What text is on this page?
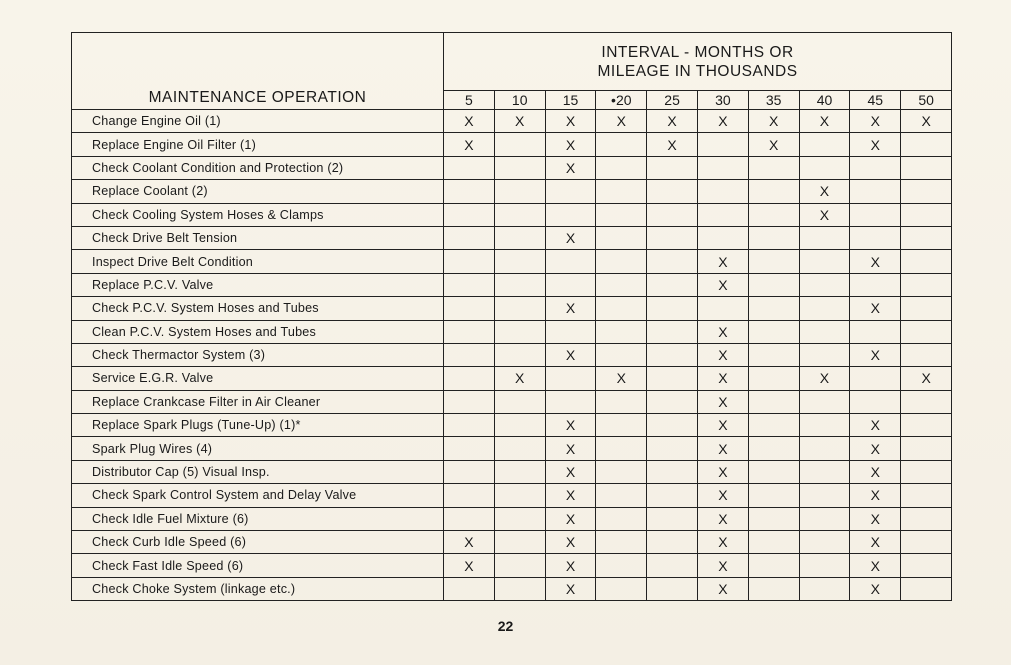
MAINTENANCE OPERATION	INTERVAL - MONTHS OR
MILEAGE IN THOUSANDS									

	5	10	15	•20	25	30	35	40	45	50
Change Engine Oil (1)	X	X	X	X	X	X	X	X	X	X
Replace Engine Oil Filter (1)	X		X		X		X		X	
Check Coolant Condition and Protection (2)			X							
Replace Coolant (2)								X		
Check Cooling System Hoses & Clamps								X		
Check Drive Belt Tension			X							
Inspect Drive Belt Condition						X			X	
Replace P.C.V. Valve						X				
Check P.C.V. System Hoses and Tubes			X						X	
Clean P.C.V. System Hoses and Tubes						X				
Check Thermactor System (3)			X			X			X	
Service E.G.R. Valve		X		X		X		X		X
Replace Crankcase Filter in Air Cleaner						X				
Replace Spark Plugs (Tune-Up) (1)*			X			X			X	
Spark Plug Wires (4)			X			X			X	
Distributor Cap (5) Visual Insp.			X			X			X	
Check Spark Control System and Delay Valve			X			X			X	
Check Idle Fuel Mixture (6)			X			X			X	
Check Curb Idle Speed (6)	X		X			X			X	
Check Fast Idle Speed (6)	X		X			X			X	
Check Choke System (linkage etc.)			X			X			X	
22
